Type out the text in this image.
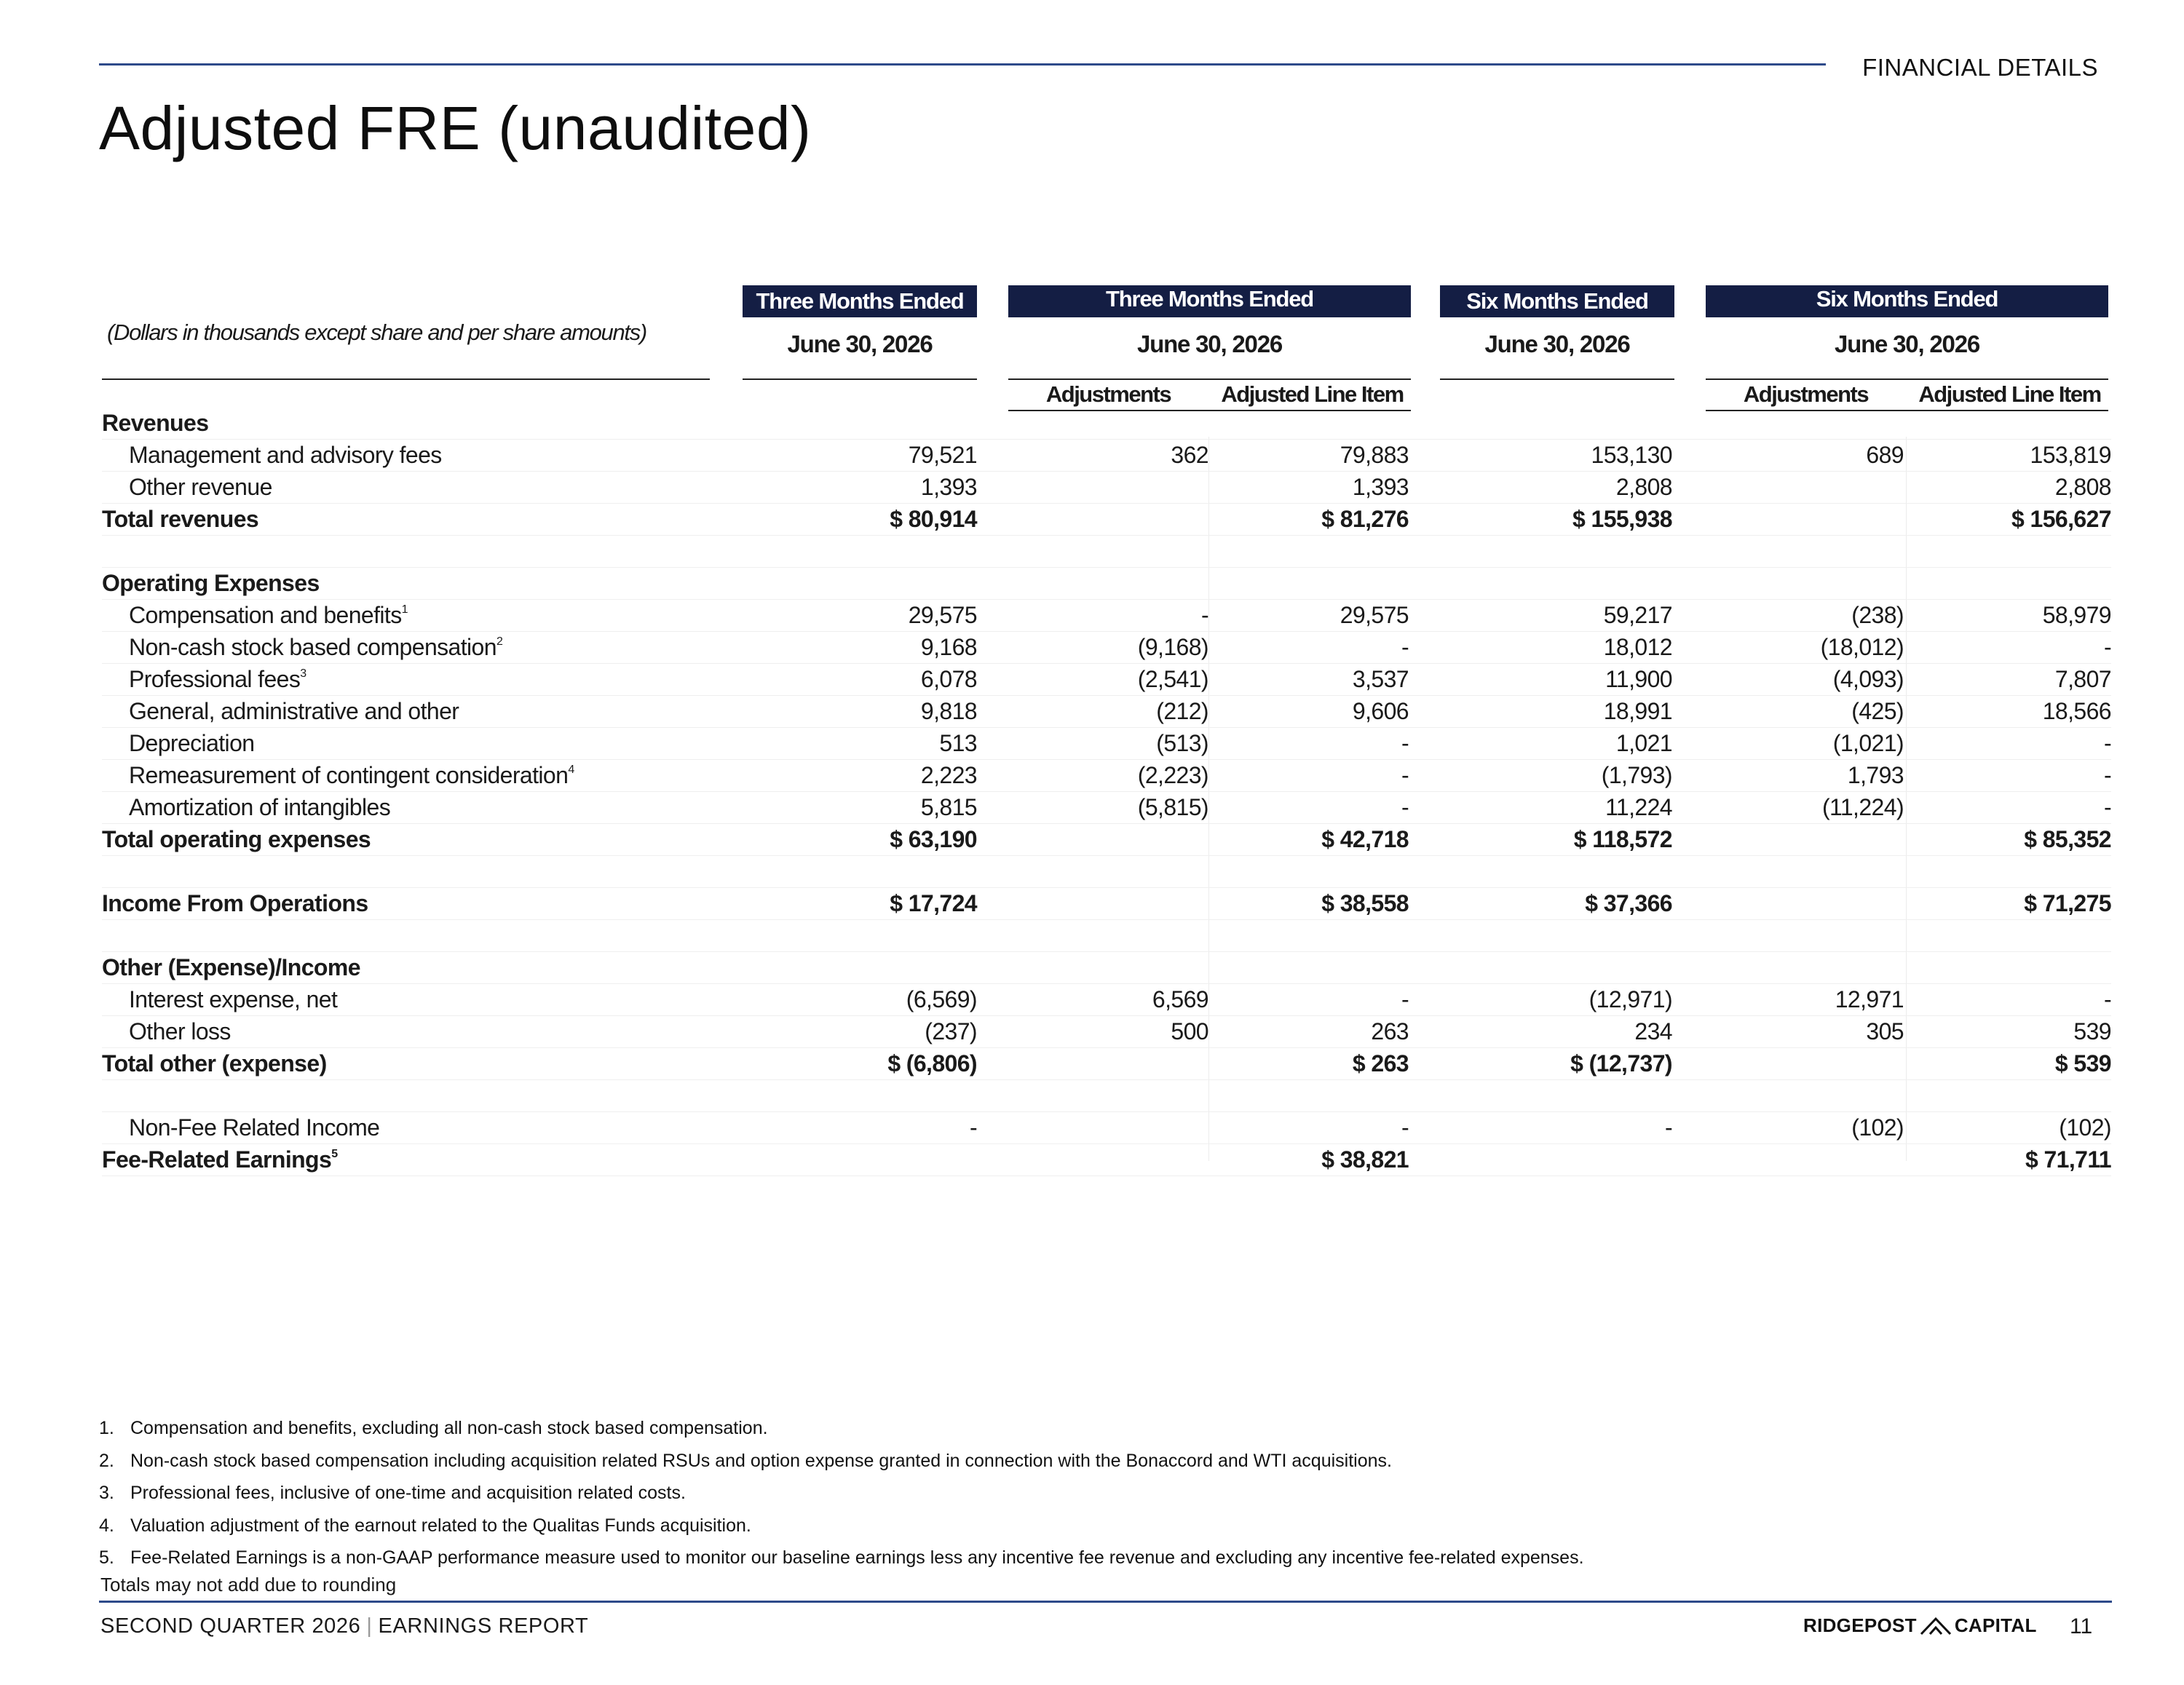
FINANCIAL DETAILS
Adjusted FRE (unaudited)
(Dollars in thousands except share and per share amounts)
Three Months Ended	Three Months Ended	Six Months Ended	Six Months Ended
June 30, 2026	June 30, 2026	June 30, 2026	June 30, 2026
Adjustments	Adjusted Line Item	Adjustments	Adjusted Line Item
Revenues										
Management and advisory fees		79,521		362	79,883		153,130		689	153,819
Other revenue		1,393			1,393		2,808			2,808
Total revenues		$ 80,914			$ 81,276		$ 155,938			$ 156,627

Operating Expenses										
Compensation and benefits$^1$		29,575		-	29,575		59,217		(238)	58,979
Non-cash stock based compensation$^2$		9,168		(9,168)	-		18,012		(18,012)	-
Professional fees$^3$		6,078		(2,541)	3,537		11,900		(4,093)	7,807
General, administrative and other		9,818		(212)	9,606		18,991		(425)	18,566
Depreciation		513		(513)	-		1,021		(1,021)	-
Remeasurement of contingent consideration$^4$		2,223		(2,223)	-		(1,793)		1,793	-
Amortization of intangibles		5,815		(5,815)	-		11,224		(11,224)	-
Total operating expenses		$ 63,190			$ 42,718		$ 118,572			$ 85,352

Income From Operations		$ 17,724			$ 38,558		$ 37,366			$ 71,275

Other (Expense)/Income										
Interest expense, net		(6,569)		6,569	-		(12,971)		12,971	-
Other loss		(237)		500	263		234		305	539
Total other (expense)		$ (6,806)			$ 263		$ (12,737)			$ 539

Non-Fee Related Income		-			-		-		(102)	(102)
Fee-Related Earnings$^5$					$ 38,821					$ 71,711
1. Compensation and benefits, excluding all non-cash stock based compensation.
2. Non-cash stock based compensation including acquisition related RSUs and option expense granted in connection with the Bonaccord and WTI acquisitions.
3. Professional fees, inclusive of one-time and acquisition related costs.
4. Valuation adjustment of the earnout related to the Qualitas Funds acquisition.
5. Fee-Related Earnings is a non-GAAP performance measure used to monitor our baseline earnings less any incentive fee revenue and excluding any incentive fee-related expenses.
Totals may not add due to rounding
SECOND QUARTER 2026 | EARNINGS REPORT	RIDGEPOST CAPITAL 11
